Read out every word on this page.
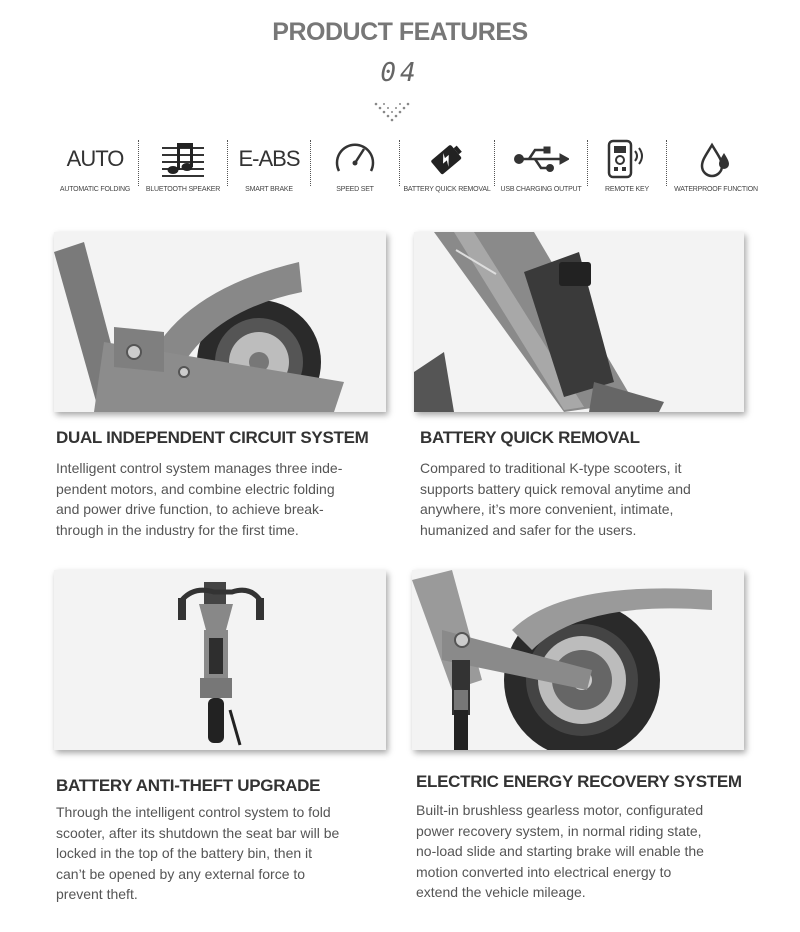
PRODUCT FEATURES
04
AUTO
AUTOMATIC FOLDING BLUETOOTH SPEAKER
E-ABS
SMART BRAKE	SPEED SET	BATTERY QUICK REMOVAL USB CHARGING OUTPUT	REMOTE KEY	WATERPROOF FUNCTION
DUAL INDEPENDENT CIRCUIT SYSTEM
Intelligent control system manages three inde-
pendent motors, and combine electric folding
and power drive function, to achieve break-
through in the industry for the first time.
BATTERY QUICK REMOVAL
Compared to traditional K-type scooters, it
supports battery quick removal anytime and
anywhere, it’s more convenient, intimate,
humanized and safer for the users.
BATTERY ANTI-THEFT UPGRADE
Through the intelligent control system to fold
scooter, after its shutdown the seat bar will be
locked in the top of the battery bin, then it
can’t be opened by any external force to
prevent theft.
ELECTRIC ENERGY RECOVERY SYSTEM
Built-in brushless gearless motor, configurated
power recovery system, in normal riding state,
no-load slide and starting brake will enable the
motion converted into electrical energy to
extend the vehicle mileage.
